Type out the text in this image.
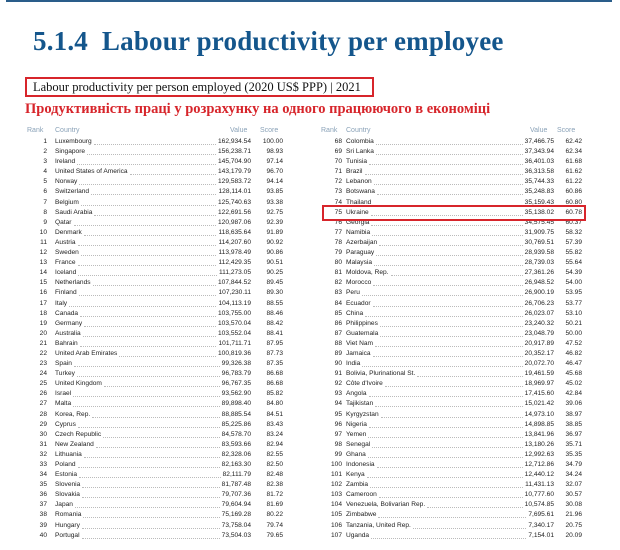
5.1.4 Labour productivity per employee
Labour productivity per person employed (2020 US$ PPP) | 2021
Продуктивність праці у розрахунку на одного працюючого в економіці
Rank Country	Value Score	Rank Country	Value Score
1 Luxembourg	162,934.54 100.00
2 Singapore	156,238.71 98.93
3 Ireland	145,704.90 97.14
4 United States of America	143,179.79 96.70
5 Norway	129,583.72 94.14
6 Switzerland	128,114.01 93.85
7 Belgium	125,740.63 93.38
8 Saudi Arabia	122,691.56 92.75
9 Qatar	120,987.06 92.39
10 Denmark	118,635.64 91.89
11 Austria	114,207.60 90.92
12 Sweden	113,978.49 90.86
13 France	112,429.35 90.51
14 Iceland	111,273.05 90.25
15 Netherlands	107,844.52 89.45
16 Finland	107,230.11 89.30
17 Italy	104,113.19 88.55
18 Canada	103,755.00 88.46
19 Germany	103,570.04 88.42
20 Australia	103,552.04 88.41
21 Bahrain	101,711.71 87.95
22 United Arab Emirates	100,819.36 87.73
23 Spain	99,326.38 87.35
24 Turkey	96,783.79 86.68
25 United Kingdom	96,767.35 86.68
26 Israel	93,562.90 85.82
27 Malta	89,898.40 84.80
28 Korea, Rep.	88,885.54 84.51
29 Cyprus	85,225.86 83.43
30 Czech Republic	84,578.70 83.24
31 New Zealand	83,593.66 82.94
32 Lithuania	82,328.06 82.55
33 Poland	82,163.30 82.50
34 Estonia	82,111.79 82.48
35 Slovenia	81,787.48 82.38
36 Slovakia	79,707.36 81.72
37 Japan	79,604.94 81.69
38 Romania	75,169.28 80.22
39 Hungary	73,758.04 79.74
40 Portugal	73,504.03 79.65
68 Colombia	37,466.75 62.42
69 Sri Lanka	37,343.94 62.34
70 Tunisia	36,401.03 61.68
71 Brazil	36,313.58 61.62
72 Lebanon	35,744.33 61.22
73 Botswana	35,248.83 60.86
74 Thailand	35,159.43 60.80
75 Ukraine	35,138.02 60.78
76 Georgia	34,575.45 60.37
77 Namibia	31,909.75 58.32
78 Azerbaijan	30,769.51 57.39
79 Paraguay	28,939.58 55.82
80 Malaysia	28,739.03 55.64
81 Moldova, Rep.	27,361.26 54.39
82 Morocco	26,948.52 54.00
83 Peru	26,900.19 53.95
84 Ecuador	26,706.23 53.77
85 China	26,023.07 53.10
86 Philippines	23,240.32 50.21
87 Guatemala	23,048.79 50.00
88 Viet Nam	20,917.89 47.52
89 Jamaica	20,352.17 46.82
90 India	20,072.70 46.47
91 Bolivia, Plurinational St.	19,461.59 45.68
92 Côte d'Ivoire	18,969.97 45.02
93 Angola	17,415.60 42.84
94 Tajikistan	15,021.42 39.06
95 Kyrgyzstan	14,973.10 38.97
96 Nigeria	14,898.85 38.85
97 Yemen	13,841.96 36.97
98 Senegal	13,180.26 35.71
99 Ghana	12,992.63 35.35
100 Indonesia	12,712.86 34.79
101 Kenya	12,440.12 34.24
102 Zambia	11,431.13 32.07
103 Cameroon	10,777.60 30.57
104 Venezuela, Bolivarian Rep.	10,574.85 30.08
105 Zimbabwe	7,695.61 21.96
106 Tanzania, United Rep.	7,340.17 20.75
107 Uganda	7,154.01 20.09
